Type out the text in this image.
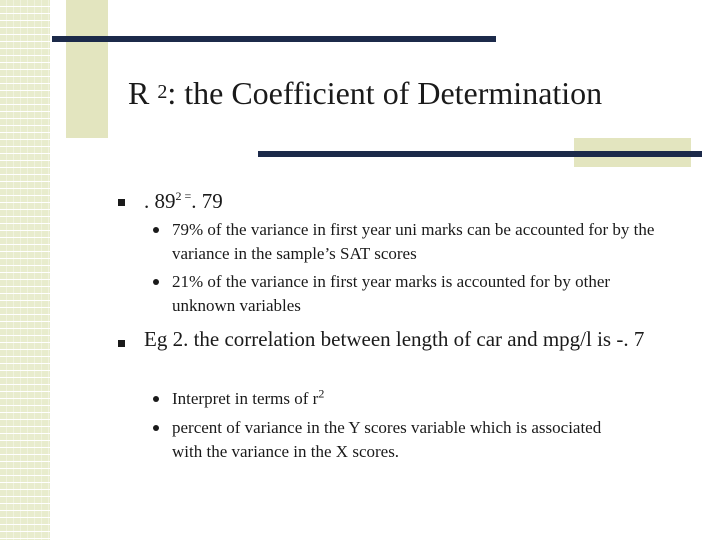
R $^2$: the Coefficient of Determination
. $89^{2 =}$. 79
79% of the variance in first year uni marks can be accounted for by the variance in the sample’s SAT scores
21% of the variance in first year marks is accounted for by other unknown variables
Eg 2. the correlation between length of car and mpg/l is -. 7
Interpret in terms of $r^2$
percent of variance in the Y scores variable which is associated with the variance in the X scores.
